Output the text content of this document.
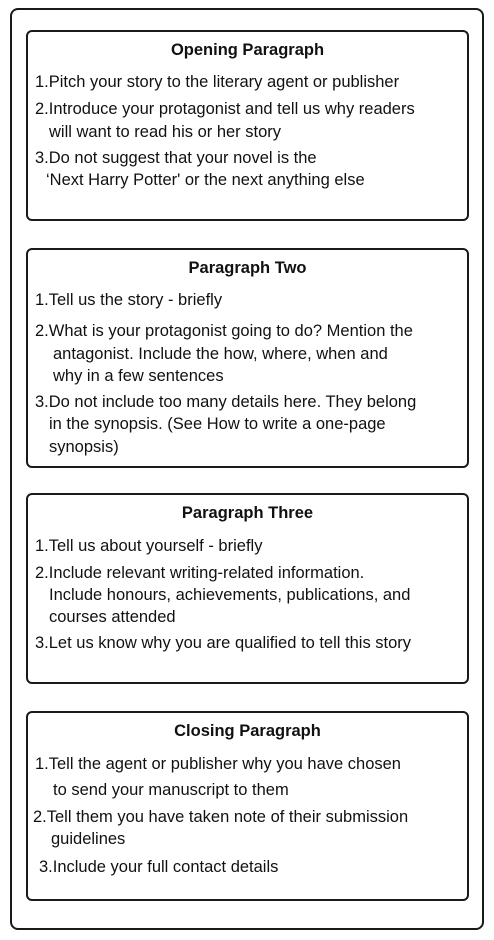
Opening Paragraph
1.Pitch your story to the literary agent or publisher
2.Introduce your protagonist and tell us why readers
will want to read his or her story
3.Do not suggest that your novel is the
‘Next Harry Potter' or the next anything else
Paragraph Two
1.Tell us the story - briefly
2.What is your protagonist going to do? Mention the
antagonist. Include the how, where, when and
why in a few sentences
3.Do not include too many details here. They belong
in the synopsis. (See How to write a one-page
synopsis)
Paragraph Three
1.Tell us about yourself - briefly
2.Include relevant writing-related information.
Include honours, achievements, publications, and
courses attended
3.Let us know why you are qualified to tell this story
Closing Paragraph
1.Tell the agent or publisher why you have chosen
to send your manuscript to them
2.Tell them you have taken note of their submission
guidelines
3.Include your full contact details
